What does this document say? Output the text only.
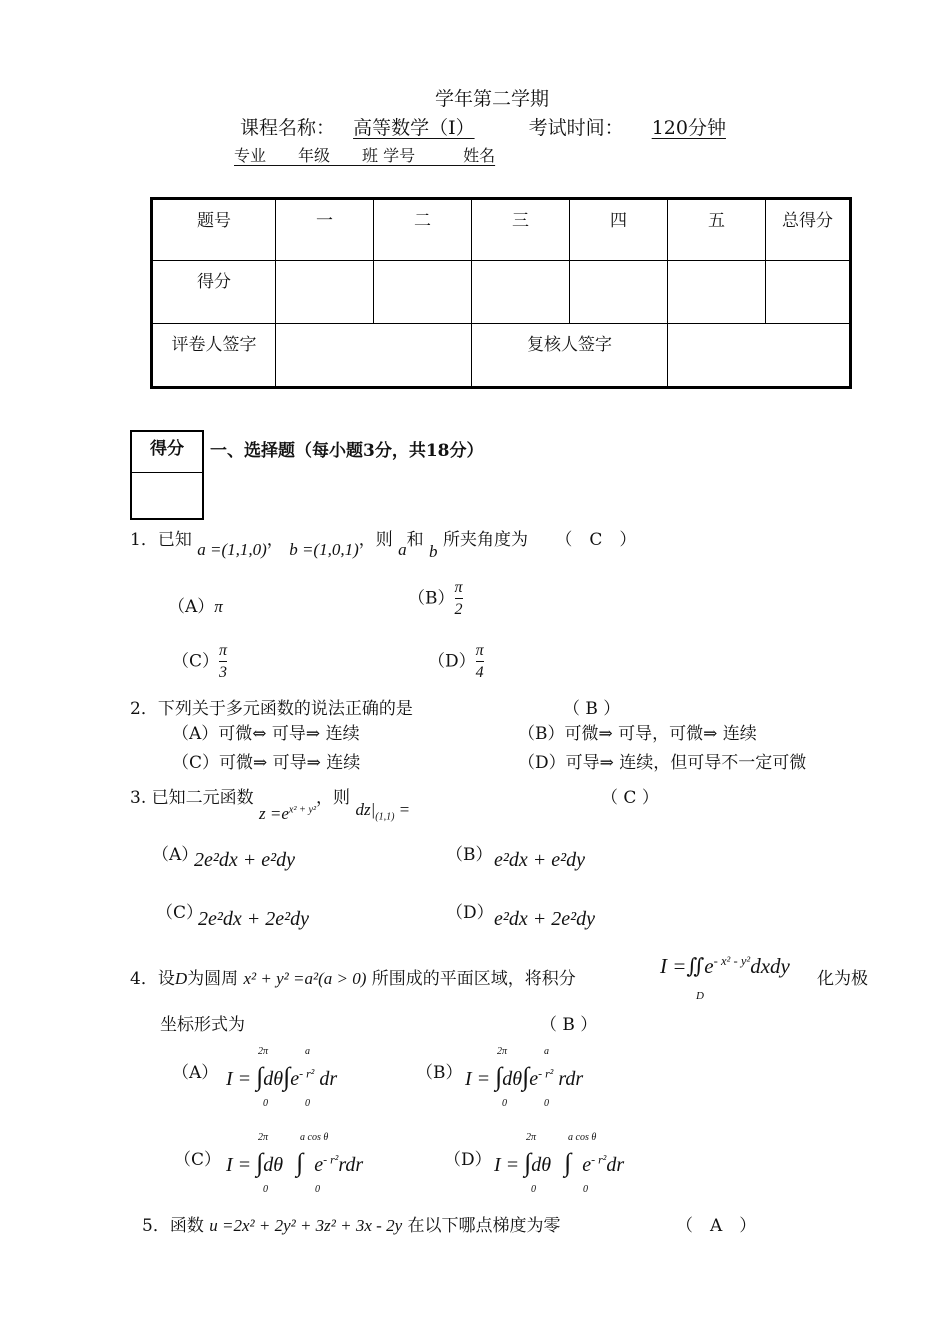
学年第二学期
课程名称： 高等数学（I）	考试时间： 120分钟
专业　　年级　　班 学号　　　姓名
题号	一	二	三	四	五	总得分
得分						
评卷人签字			复核人签字			
得分	一、选择题（每小题3分，共18分）
1．已知 a =(1,1,0)， b =(1,0,1)，则 a和 b 所夹角度为 （　C　）
（A）π	$(B) \frac{\pi}{2}$
$(C) \frac{\pi}{3}$	$(D) \frac{\pi}{4}$
2．下列关于多元函数的说法正确的是	（ B ）
（A）可微⇔ 可导⇒ 连续	（B）可微⇒ 可导，可微⇒ 连续
（C）可微⇒ 可导⇒ 连续	（D）可导⇒ 连续，但可导不一定可微
3. 已知二元函数 $z =e^{x^2 + y^2}$，则 $dz|_{(1,1)}$ =
（ C ）
（A）
2e²dx + e²dy	（B） e²dx + e²dy
（C）
2e²dx + 2e²dy	（D） e²dx + 2e²dy
4．设D为圆周 x² + y² =a²(a > 0) 所围成的平面区域，将积分
$I =∬e^{- x^2 - y^2}dxdy$
D
化为极
坐标形式为	（ B ）
（A） $I = \int d\theta\int e^{- r^2}$ dr
2π
0
a
0
（B） $I = \int d\theta\int e^{- r^2}$ rdr
2π
0
a
0
（C） I = ∫dθ ∫ $e^{- r^2}rdr$
2π
0
a cos θ
0
（D） I = ∫dθ ∫ $e^{- r^2}dr$
2π
0
a cos θ
0
5．函数 u =2x² + 2y² + 3z² + 3x - 2y 在以下哪点梯度为零	（　A　）
